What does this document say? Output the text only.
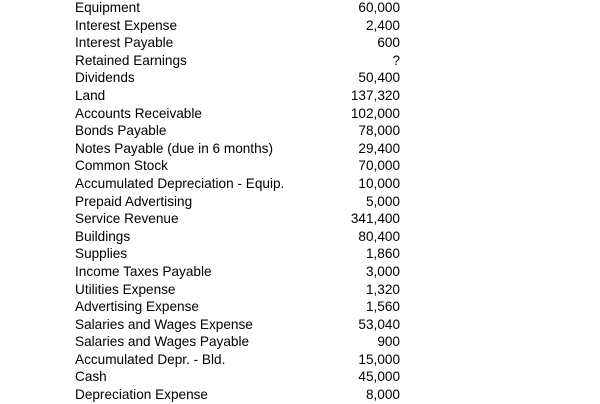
Equipment	60,000
Interest Expense	2,400
Interest Payable	600
Retained Earnings	?
Dividends	50,400
Land	137,320
Accounts Receivable	102,000
Bonds Payable	78,000
Notes Payable (due in 6 months)	29,400
Common Stock	70,000
Accumulated Depreciation - Equip.	10,000
Prepaid Advertising	5,000
Service Revenue	341,400
Buildings	80,400
Supplies	1,860
Income Taxes Payable	3,000
Utilities Expense	1,320
Advertising Expense	1,560
Salaries and Wages Expense	53,040
Salaries and Wages Payable	900
Accumulated Depr. - Bld.	15,000
Cash	45,000
Depreciation Expense	8,000
